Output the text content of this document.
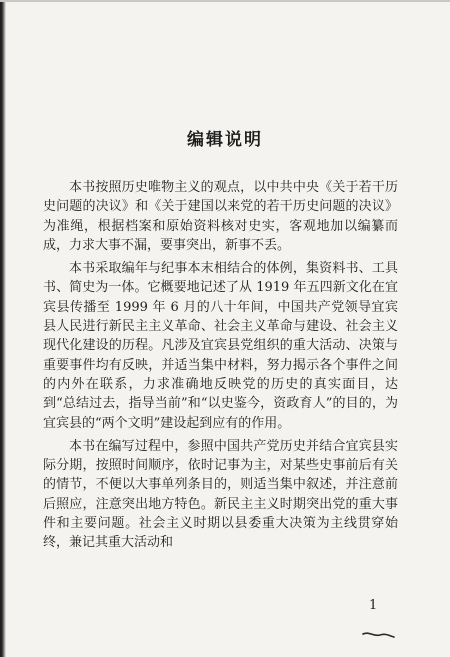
编辑说明

本书按照历史唯物主义的观点，以中共中央《关于若干历史问题的决议》和《关于建国以来党的若干历史问题的决议》为准绳，根据档案和原始资料核对史实，客观地加以编纂而成，力求大事不漏，要事突出，新事不丢。

本书采取编年与纪事本末相结合的体例，集资料书、工具书、简史为一体。它概要地记述了从 1919 年五四新文化在宜宾县传播至 1999 年 6 月的八十年间，中国共产党领导宜宾县人民进行新民主主义革命、社会主义革命与建设、社会主义现代化建设的历程。凡涉及宜宾县党组织的重大活动、决策与重要事件均有反映，并适当集中材料，努力揭示各个事件之间的内外在联系，力求准确地反映党的历史的真实面目，达到“总结过去，指导当前”和“以史鉴今，资政育人”的目的，为宜宾县的“两个文明”建设起到应有的作用。

本书在编写过程中，参照中国共产党历史并结合宜宾县实际分期，按照时间顺序，依时记事为主，对某些史事前后有关的情节，不便以大事单列条目的，则适当集中叙述，并注意前后照应，注意突出地方特色。新民主主义时期突出党的重大事件和主要问题。社会主义时期以县委重大决策为主线贯穿始终，兼记其重大活动和

1
